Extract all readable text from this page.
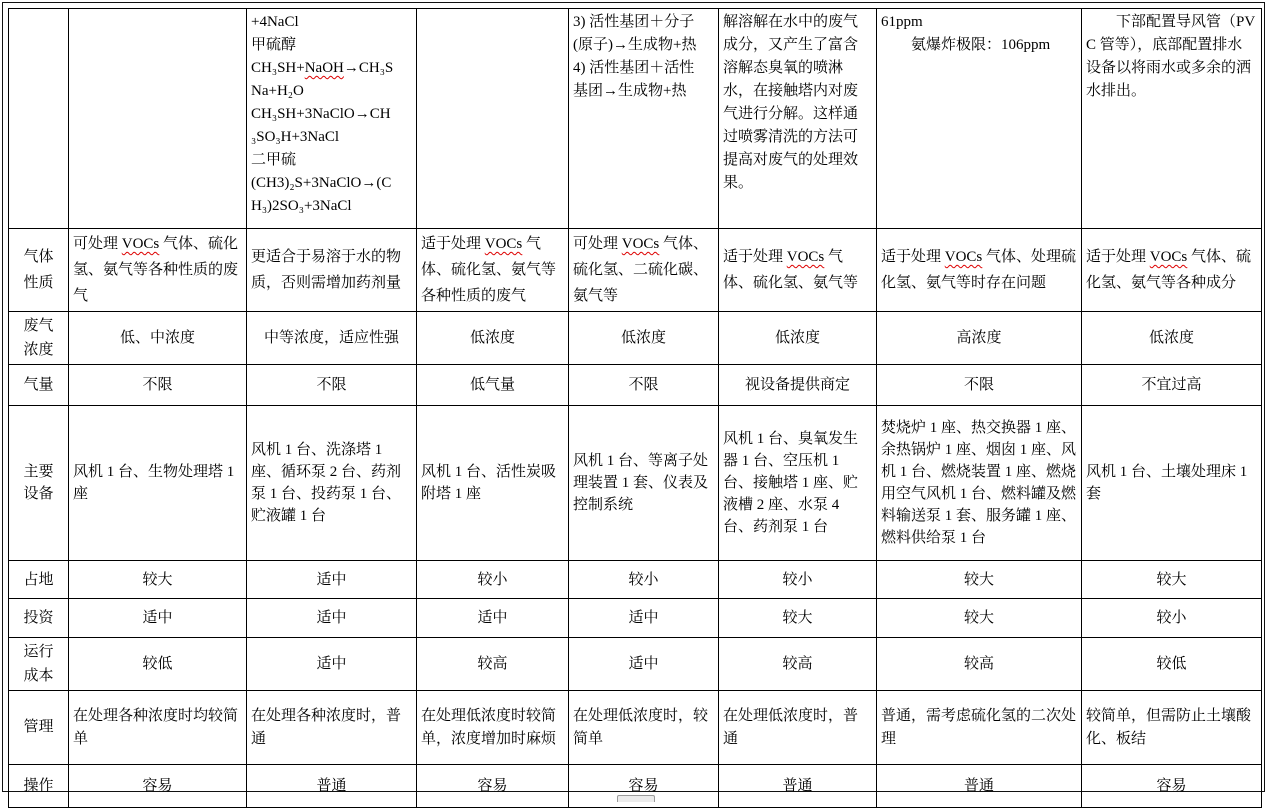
		+4NaCl
甲硫醇
CH₃SH+NaOH→CH₃S
Na+H₂O
CH₃SH+3NaClO→CH
₃SO₃H+3NaCl
二甲硫
(CH3)₂S+3NaClO→(C
H₃)2SO₃+3NaCl		3) 活性基团＋分子
(原子)→生成物+热
4) 活性基团＋活性
基团→生成物+热	解溶解在水中的废气成分，又产生了富含溶解态臭氧的喷淋水，在接触塔内对废气进行分解。这样通过喷雾清洗的方法可提高对废气的处理效果。	61ppm
　　氨爆炸极限：106ppm	　　下部配置导风管（PVC 管等），底部配置排水设备以将雨水或多余的洒水排出。
气体
性质	可处理 VOCs 气体、硫化氢、氨气等各种性质的废气	更适合于易溶于水的物质，否则需增加药剂量	适于处理 VOCs 气体、硫化氢、氨气等各种性质的废气	可处理 VOCs 气体、硫化氢、二硫化碳、氨气等	适于处理 VOCs 气体、硫化氢、氨气等	适于处理 VOCs 气体、处理硫化氢、氨气等时存在问题	适于处理 VOCs 气体、硫化氢、氨气等各种成分
废气
浓度	低、中浓度	中等浓度，适应性强	低浓度	低浓度	低浓度	高浓度	低浓度
气量	不限	不限	低气量	不限	视设备提供商定	不限	不宜过高
主要
设备	风机 1 台、生物处理塔 1 座	风机 1 台、洗涤塔 1 座、循环泵 2 台、药剂泵 1 台、投药泵 1 台、贮液罐 1 台	风机 1 台、活性炭吸附塔 1 座	风机 1 台、等离子处理装置 1 套、仪表及控制系统	风机 1 台、臭氧发生器 1 台、空压机 1 台、接触塔 1 座、贮液槽 2 座、水泵 4 台、药剂泵 1 台	焚烧炉 1 座、热交换器 1 座、余热锅炉 1 座、烟囱 1 座、风机 1 台、燃烧装置 1 座、燃烧用空气风机 1 台、燃料罐及燃料输送泵 1 套、服务罐 1 座、燃料供给泵 1 台	风机 1 台、土壤处理床 1 套
占地	较大	适中	较小	较小	较小	较大	较大
投资	适中	适中	适中	适中	较大	较大	较小
运行
成本	较低	适中	较高	适中	较高	较高	较低
管理	在处理各种浓度时均较简单	在处理各种浓度时，普通	在处理低浓度时较简单，浓度增加时麻烦	在处理低浓度时，较简单	在处理低浓度时，普通	普通，需考虑硫化氢的二次处理	较简单，但需防止土壤酸化、板结
操作	容易	普通	容易	容易	普通	普通	容易
